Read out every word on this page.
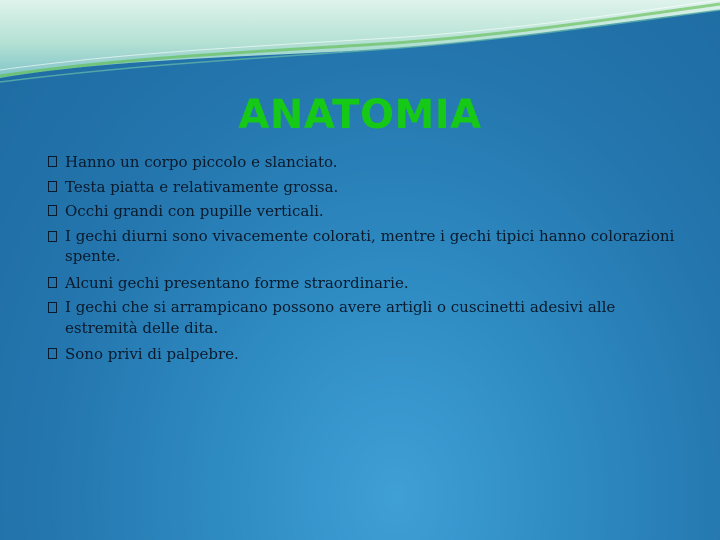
ANATOMIA
Hanno un corpo piccolo e slanciato.
Testa piatta e relativamente grossa.
Occhi grandi con pupille verticali.
I gechi diurni sono vivacemente colorati, mentre i gechi tipici hanno colorazioni spente.
Alcuni gechi presentano forme straordinarie.
I gechi che si arrampicano possono avere artigli o cuscinetti adesivi alle estremità delle dita.
Sono privi di palpebre.
